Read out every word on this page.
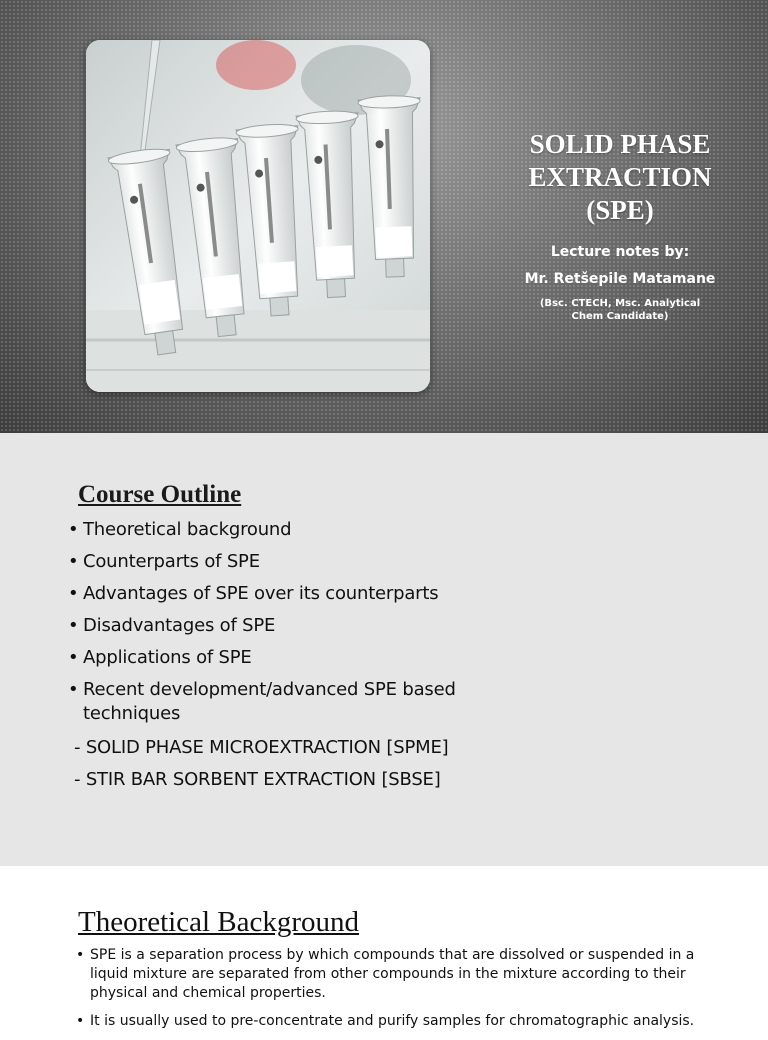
SOLID PHASE EXTRACTION (SPE)
Lecture notes by:
Mr. Retšepile Matamane
(Bsc. CTECH, Msc. Analytical Chem Candidate)
Course Outline
• Theoretical background
• Counterparts of SPE
• Advantages of SPE over its counterparts
• Disadvantages of SPE
• Applications of SPE
• Recent development/advanced SPE based techniques
- SOLID PHASE MICROEXTRACTION [SPME]
- STIR BAR SORBENT EXTRACTION [SBSE]
Theoretical Background
• SPE is a separation process by which compounds that are dissolved or suspended in a liquid mixture are separated from other compounds in the mixture according to their physical and chemical properties.
• It is usually used to pre-concentrate and purify samples for chromatographic analysis.
